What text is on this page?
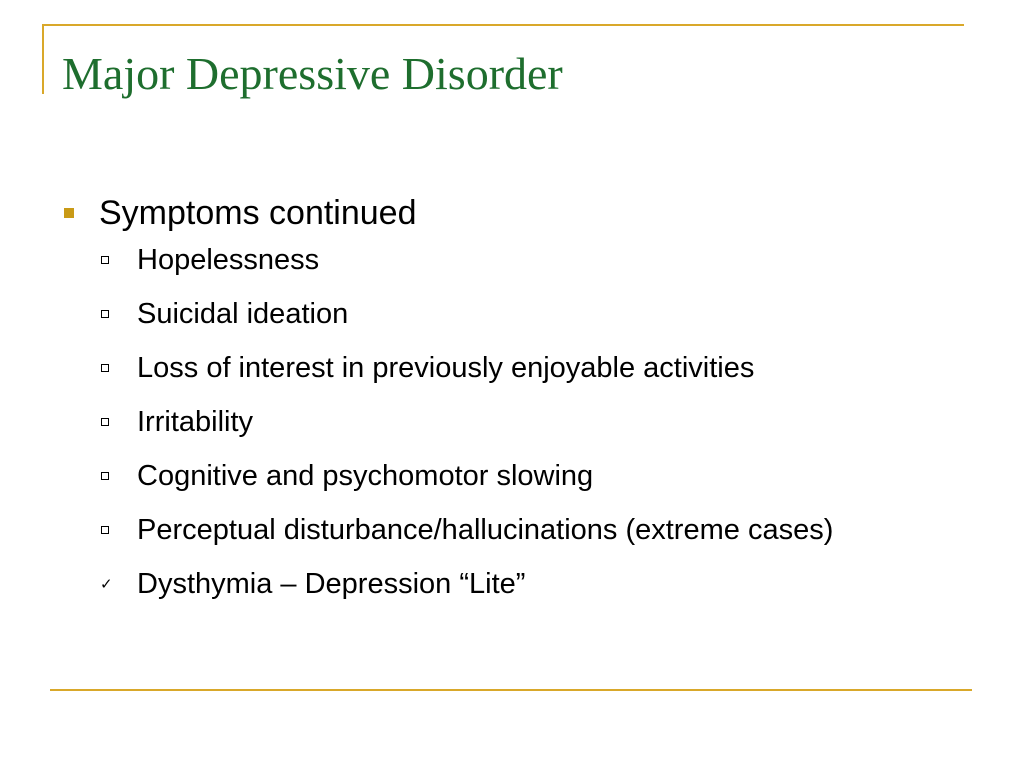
Major Depressive Disorder
Symptoms continued
Hopelessness
Suicidal ideation
Loss of interest in previously enjoyable activities
Irritability
Cognitive and psychomotor slowing
Perceptual disturbance/hallucinations (extreme cases)
✓ Dysthymia – Depression “Lite”
